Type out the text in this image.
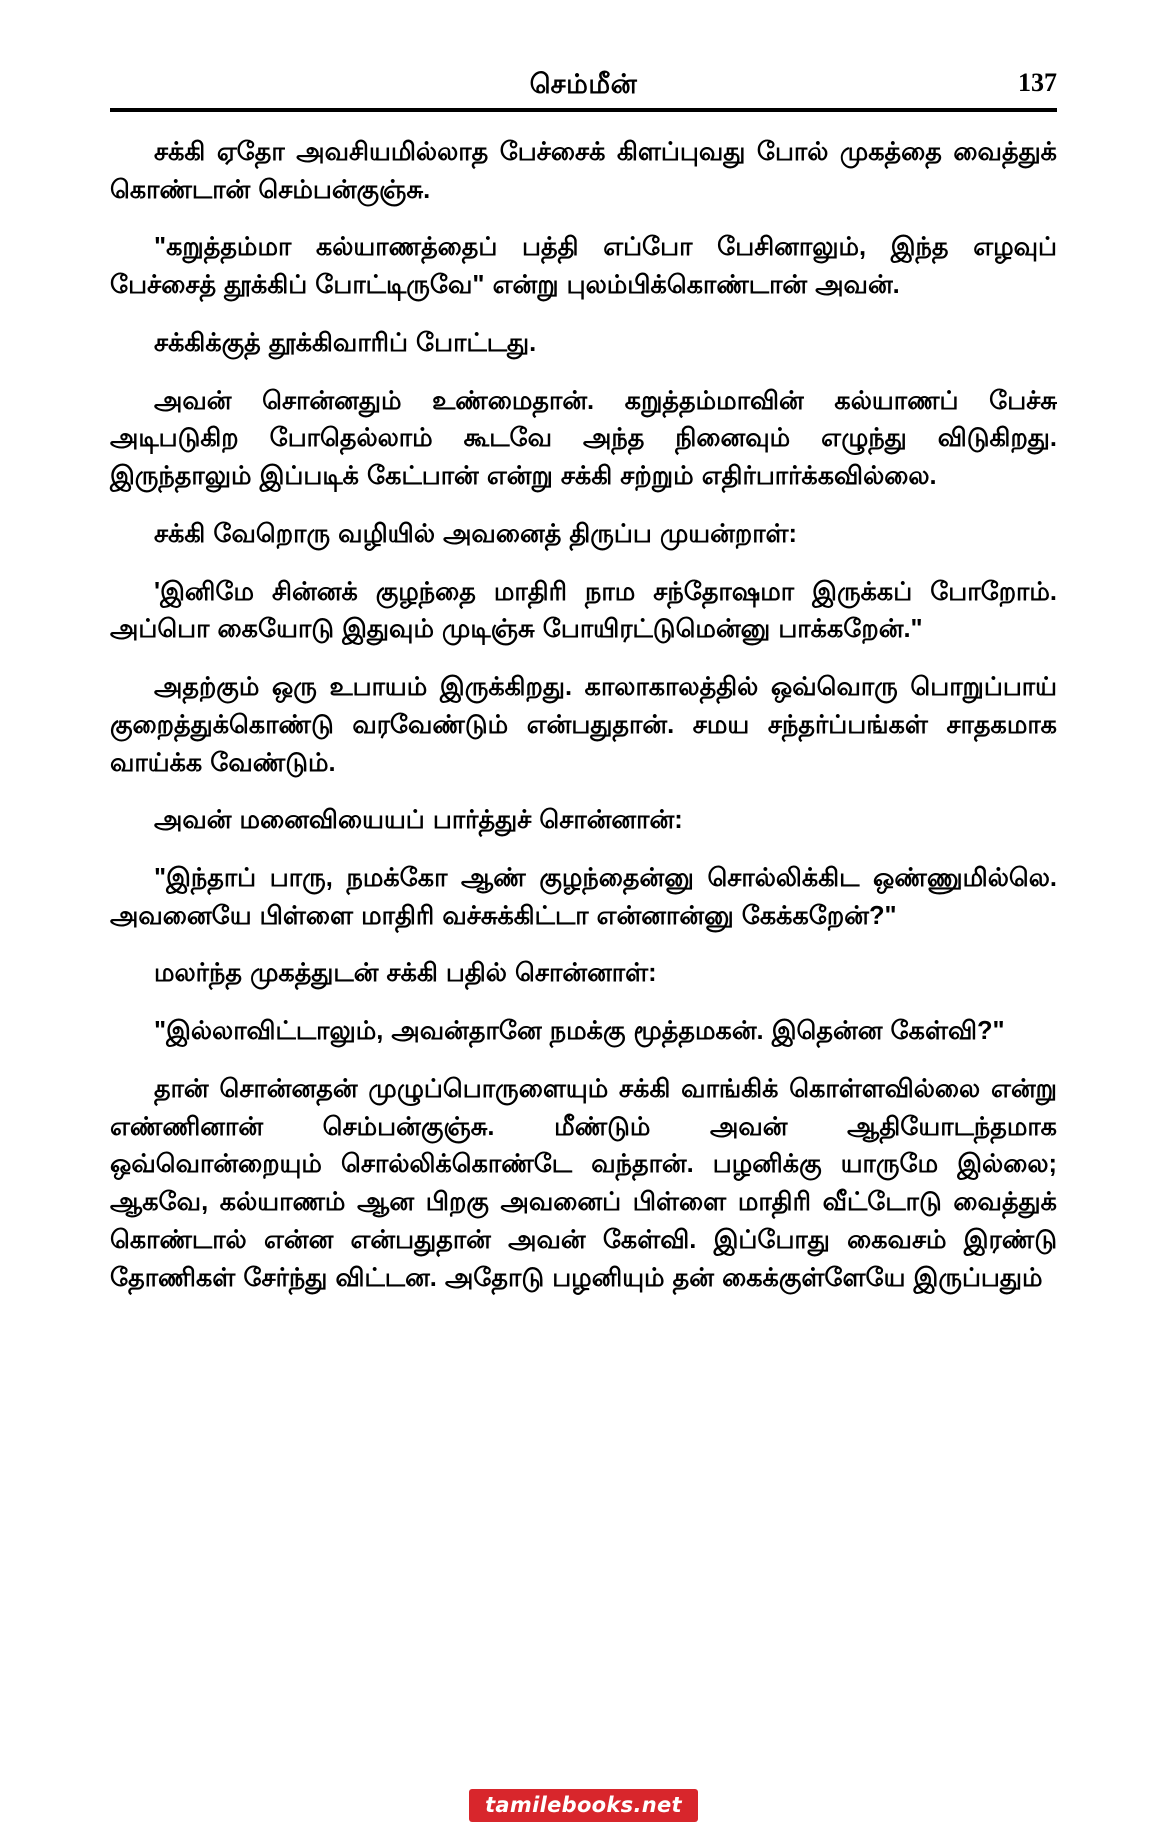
செம்மீன்	137

சக்கி ஏதோ அவசியமில்லாத பேச்சைக் கிளப்புவது போல் முகத்தை வைத்துக் கொண்டான் செம்பன்குஞ்சு.

"கறுத்தம்மா கல்யாணத்தைப் பத்தி எப்போ பேசினாலும், இந்த எழவுப் பேச்சைத் தூக்கிப் போட்டிருவே" என்று புலம்பிக்கொண்டான் அவன்.

சக்கிக்குத் தூக்கிவாரிப் போட்டது.

அவன் சொன்னதும் உண்மைதான். கறுத்தம்மாவின் கல்யாணப் பேச்சு அடிபடுகிற போதெல்லாம் கூடவே அந்த நினைவும் எழுந்து விடுகிறது. இருந்தாலும் இப்படிக் கேட்பான் என்று சக்கி சற்றும் எதிர்பார்க்கவில்லை.

சக்கி வேறொரு வழியில் அவனைத் திருப்ப முயன்றாள்:

'இனிமே சின்னக் குழந்தை மாதிரி நாம சந்தோஷமா இருக்கப் போறோம். அப்பொ கையோடு இதுவும் முடிஞ்சு போயிரட்டுமென்னு பாக்கறேன்."

அதற்கும் ஒரு உபாயம் இருக்கிறது. காலாகாலத்தில் ஒவ்வொரு பொறுப்பாய் குறைத்துக்கொண்டு வரவேண்டும் என்பதுதான். சமய சந்தர்ப்பங்கள் சாதகமாக வாய்க்க வேண்டும்.

அவன் மனைவியையப் பார்த்துச் சொன்னான்:

"இந்தாப் பாரு, நமக்கோ ஆண் குழந்தைன்னு சொல்லிக்கிட ஒண்ணுமில்லெ. அவனையே பிள்ளை மாதிரி வச்சுக்கிட்டா என்னான்னு கேக்கறேன்?"

மலர்ந்த முகத்துடன் சக்கி பதில் சொன்னாள்:

"இல்லாவிட்டாலும், அவன்தானே நமக்கு மூத்தமகன். இதென்ன கேள்வி?"

தான் சொன்னதன் முழுப்பொருளையும் சக்கி வாங்கிக் கொள்ளவில்லை என்று எண்ணினான் செம்பன்குஞ்சு. மீண்டும் அவன் ஆதியோடந்தமாக ஒவ்வொன்றையும் சொல்லிக்கொண்டே வந்தான். பழனிக்கு யாருமே இல்லை; ஆகவே, கல்யாணம் ஆன பிறகு அவனைப் பிள்ளை மாதிரி வீட்டோடு வைத்துக் கொண்டால் என்ன என்பதுதான் அவன் கேள்வி. இப்போது கைவசம் இரண்டு தோணிகள் சேர்ந்து விட்டன. அதோடு பழனியும் தன் கைக்குள்ளேயே இருப்பதும்

tamilebooks.net
